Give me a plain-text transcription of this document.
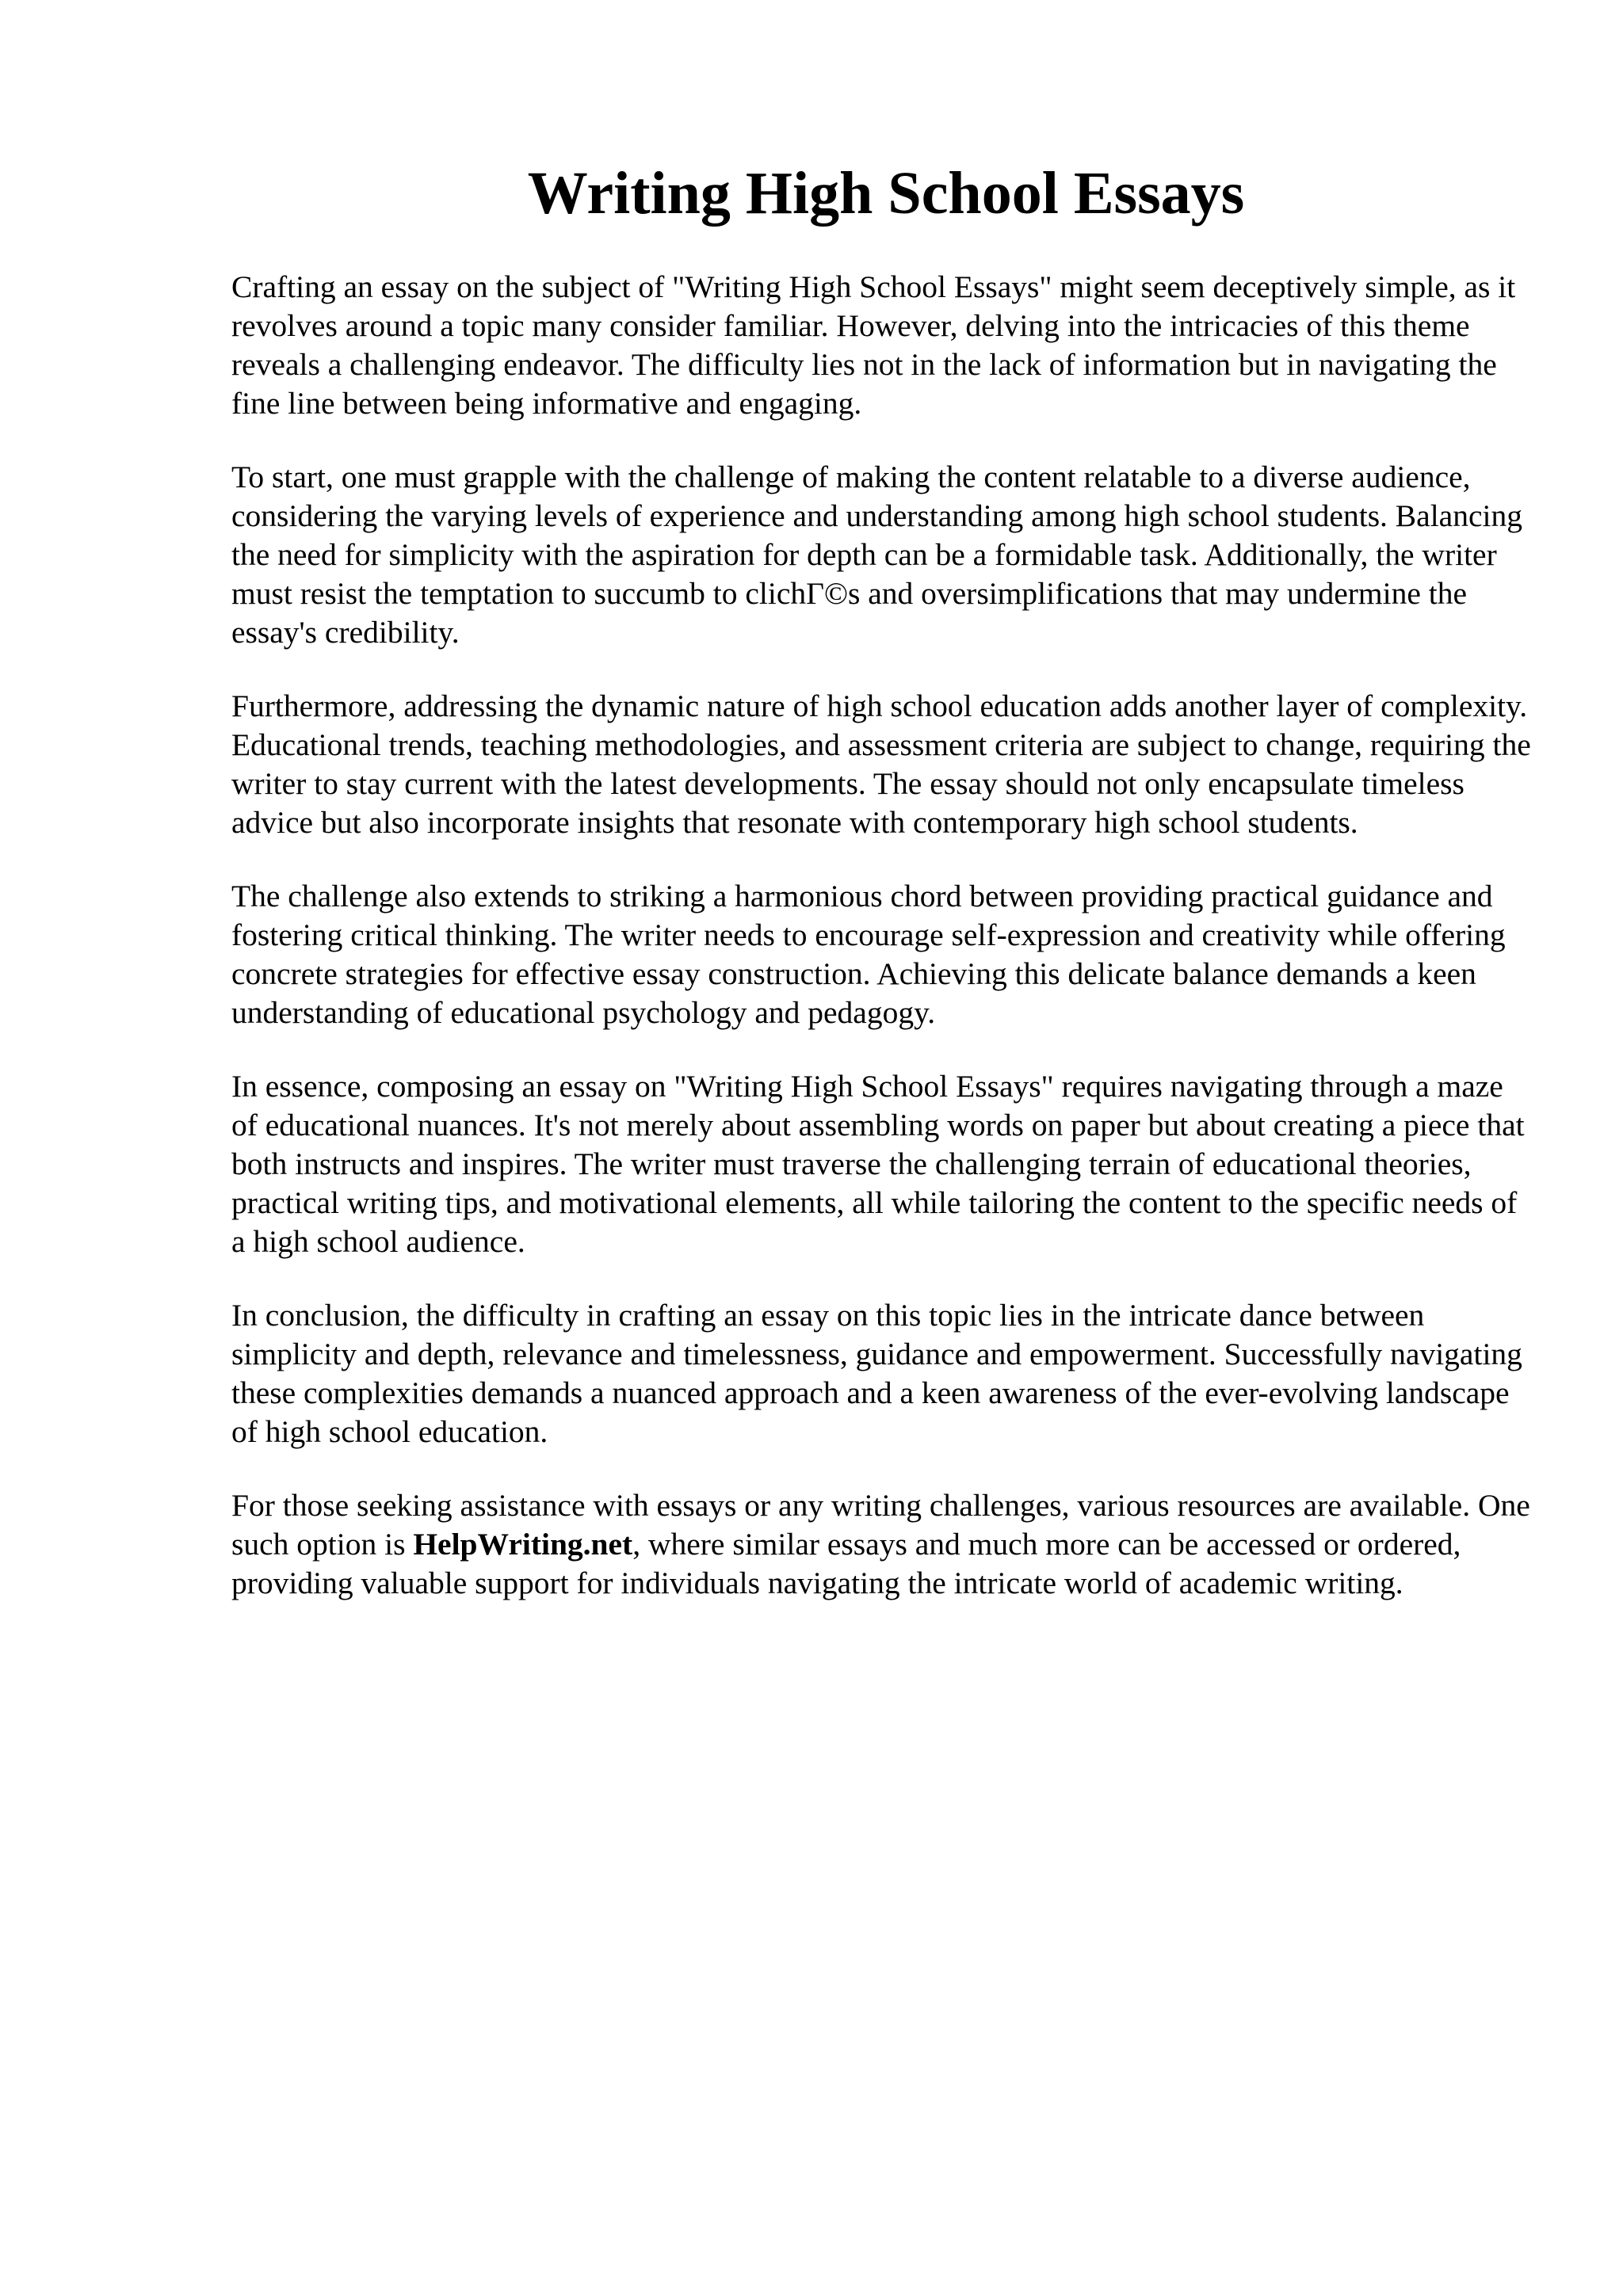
Writing High School Essays

Crafting an essay on the subject of "Writing High School Essays" might seem deceptively simple, as it revolves around a topic many consider familiar. However, delving into the intricacies of this theme reveals a challenging endeavor. The difficulty lies not in the lack of information but in navigating the fine line between being informative and engaging.

To start, one must grapple with the challenge of making the content relatable to a diverse audience, considering the varying levels of experience and understanding among high school students. Balancing the need for simplicity with the aspiration for depth can be a formidable task. Additionally, the writer must resist the temptation to succumb to clichΓ©s and oversimplifications that may undermine the essay's credibility.

Furthermore, addressing the dynamic nature of high school education adds another layer of complexity. Educational trends, teaching methodologies, and assessment criteria are subject to change, requiring the writer to stay current with the latest developments. The essay should not only encapsulate timeless advice but also incorporate insights that resonate with contemporary high school students.

The challenge also extends to striking a harmonious chord between providing practical guidance and fostering critical thinking. The writer needs to encourage self-expression and creativity while offering concrete strategies for effective essay construction. Achieving this delicate balance demands a keen understanding of educational psychology and pedagogy.

In essence, composing an essay on "Writing High School Essays" requires navigating through a maze of educational nuances. It's not merely about assembling words on paper but about creating a piece that both instructs and inspires. The writer must traverse the challenging terrain of educational theories, practical writing tips, and motivational elements, all while tailoring the content to the specific needs of a high school audience.

In conclusion, the difficulty in crafting an essay on this topic lies in the intricate dance between simplicity and depth, relevance and timelessness, guidance and empowerment. Successfully navigating these complexities demands a nuanced approach and a keen awareness of the ever-evolving landscape of high school education.

For those seeking assistance with essays or any writing challenges, various resources are available. One such option is HelpWriting.net, where similar essays and much more can be accessed or ordered, providing valuable support for individuals navigating the intricate world of academic writing.
